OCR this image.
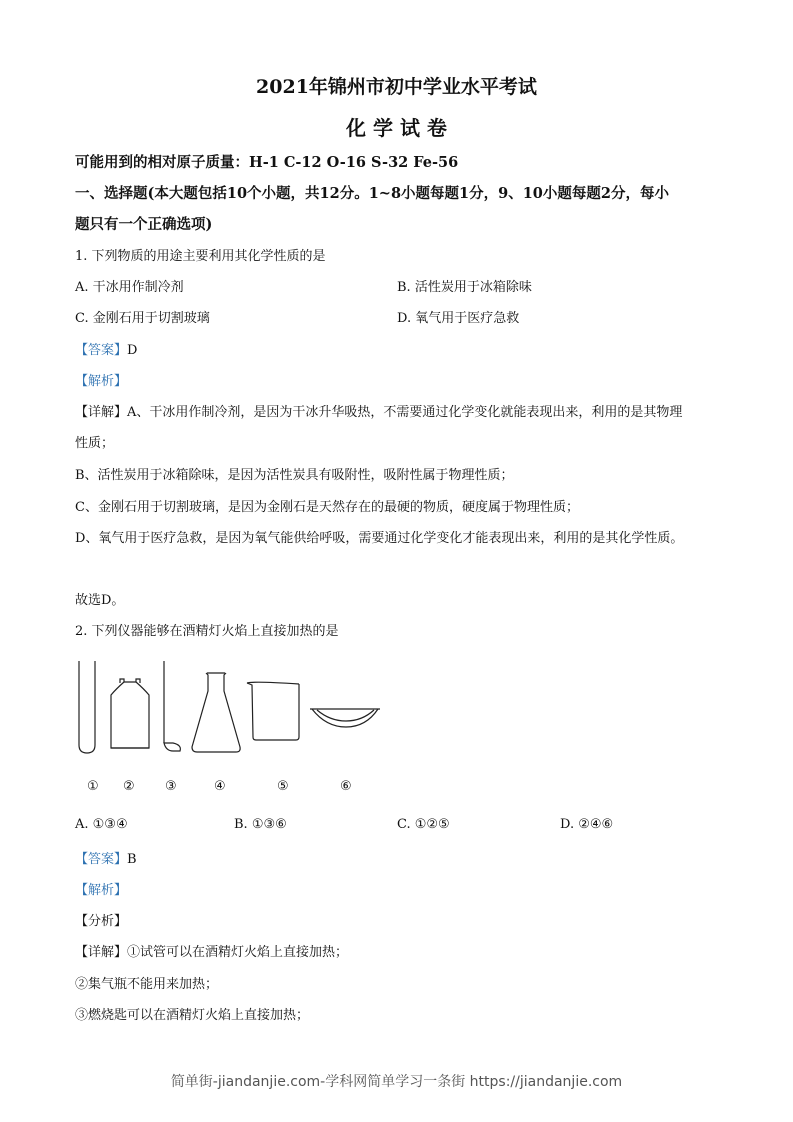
2021年锦州市初中学业水平考试
化 学 试 卷
可能用到的相对原子质量：H-1 C-12 O-16 S-32 Fe-56
一、选择题(本大题包括10个小题，共12分。1~8小题每题1分，9、10小题每题2分，每小
题只有一个正确选项)
1. 下列物质的用途主要利用其化学性质的是
A. 干冰用作制冷剂	B. 活性炭用于冰箱除味
C. 金刚石用于切割玻璃	D. 氧气用于医疗急救
【答案】D
【解析】
【详解】A、干冰用作制冷剂，是因为干冰升华吸热，不需要通过化学变化就能表现出来，利用的是其物理
性质；
B、活性炭用于冰箱除味，是因为活性炭具有吸附性，吸附性属于物理性质；
C、金刚石用于切割玻璃，是因为金刚石是天然存在的最硬的物质，硬度属于物理性质；
D、氧气用于医疗急救，是因为氧气能供给呼吸，需要通过化学变化才能表现出来，利用的是其化学性质。
故选D。
2. 下列仪器能够在酒精灯火焰上直接加热的是
① ② ③	④	⑤	⑥
A. ①③④	B. ①③⑥	C. ①②⑤	D. ②④⑥
【答案】B
【解析】
【分析】
【详解】①试管可以在酒精灯火焰上直接加热；
②集气瓶不能用来加热；
③燃烧匙可以在酒精灯火焰上直接加热；
简单街-jiandanjie.com-学科网简单学习一条街 https://jiandanjie.com
